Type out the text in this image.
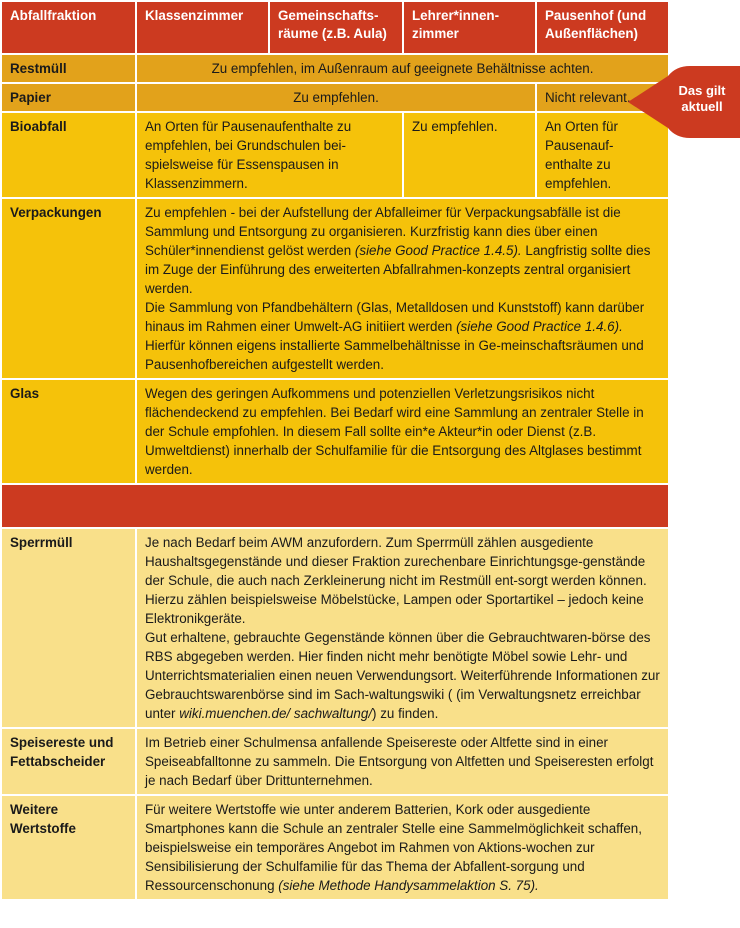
Abfallfraktion	Klassenzimmer	Gemeinschafts-räume (z.B. Aula)	Lehrer*innen-zimmer	Pausenhof (und Außenflächen)
Restmüll	Zu empfehlen, im Außenraum auf geeignete Behältnisse achten.			
Papier	Zu empfehlen.			Nicht relevant.
Bioabfall	An Orten für Pausenaufenthalte zu empfehlen, bei Grundschulen bei-spielsweise für Essenspausen in Klassenzimmern.		Zu empfehlen.	An Orten für Pausenauf-enthalte zu empfehlen.
Verpackungen	Zu empfehlen - bei der Aufstellung der Abfalleimer für Verpackungsabfälle ist die Sammlung und Entsorgung zu organisieren. Kurzfristig kann dies über einen Schüler*innendienst gelöst werden (siehe Good Practice 1.4.5). Langfristig sollte dies im Zuge der Einführung des erweiterten Abfallrahmen-konzepts zentral organisiert werden.
Die Sammlung von Pfandbehältern (Glas, Metalldosen und Kunststoff) kann darüber hinaus im Rahmen einer Umwelt-AG initiiert werden (siehe Good Practice 1.4.6). Hierfür können eigens installierte Sammelbehältnisse in Ge-meinschaftsräumen und Pausenhofbereichen aufgestellt werden.			
Glas	Wegen des geringen Aufkommens und potenziellen Verletzungsrisikos nicht flächendeckend zu empfehlen. Bei Bedarf wird eine Sammlung an zentraler Stelle in der Schule empfohlen. In diesem Fall sollte ein*e Akteur*in oder Dienst (z.B. Umweltdienst) innerhalb der Schulfamilie für die Entsorgung des Altglases bestimmt werden.			

Sperrmüll	Je nach Bedarf beim AWM anzufordern. Zum Sperrmüll zählen ausgediente Haushaltsgegenstände und dieser Fraktion zurechenbare Einrichtungsge-genstände der Schule, die auch nach Zerkleinerung nicht im Restmüll ent-sorgt werden können. Hierzu zählen beispielsweise Möbelstücke, Lampen oder Sportartikel – jedoch keine Elektronikgeräte.
Gut erhaltene, gebrauchte Gegenstände können über die Gebrauchtwaren-börse des RBS abgegeben werden. Hier finden nicht mehr benötigte Möbel sowie Lehr- und Unterrichtsmaterialien einen neuen Verwendungsort. Weiterführende Informationen zur Gebrauchtswarenbörse sind im Sach-waltungswiki ( (im Verwaltungsnetz erreichbar unter wiki.muenchen.de/ sachwaltung/) zu finden.			
Speisereste und Fettabscheider	Im Betrieb einer Schulmensa anfallende Speisereste oder Altfette sind in einer Speiseabfalltonne zu sammeln. Die Entsorgung von Altfetten und Speiseresten erfolgt je nach Bedarf über Drittunternehmen.			
Weitere Wertstoffe	Für weitere Wertstoffe wie unter anderem Batterien, Kork oder ausgediente Smartphones kann die Schule an zentraler Stelle eine Sammelmöglichkeit schaffen, beispielsweise ein temporäres Angebot im Rahmen von Aktions-wochen zur Sensibilisierung der Schulfamilie für das Thema der Abfallent-sorgung und Ressourcenschonung (siehe Methode Handysammelaktion S. 75).			
Das gilt
aktuell
